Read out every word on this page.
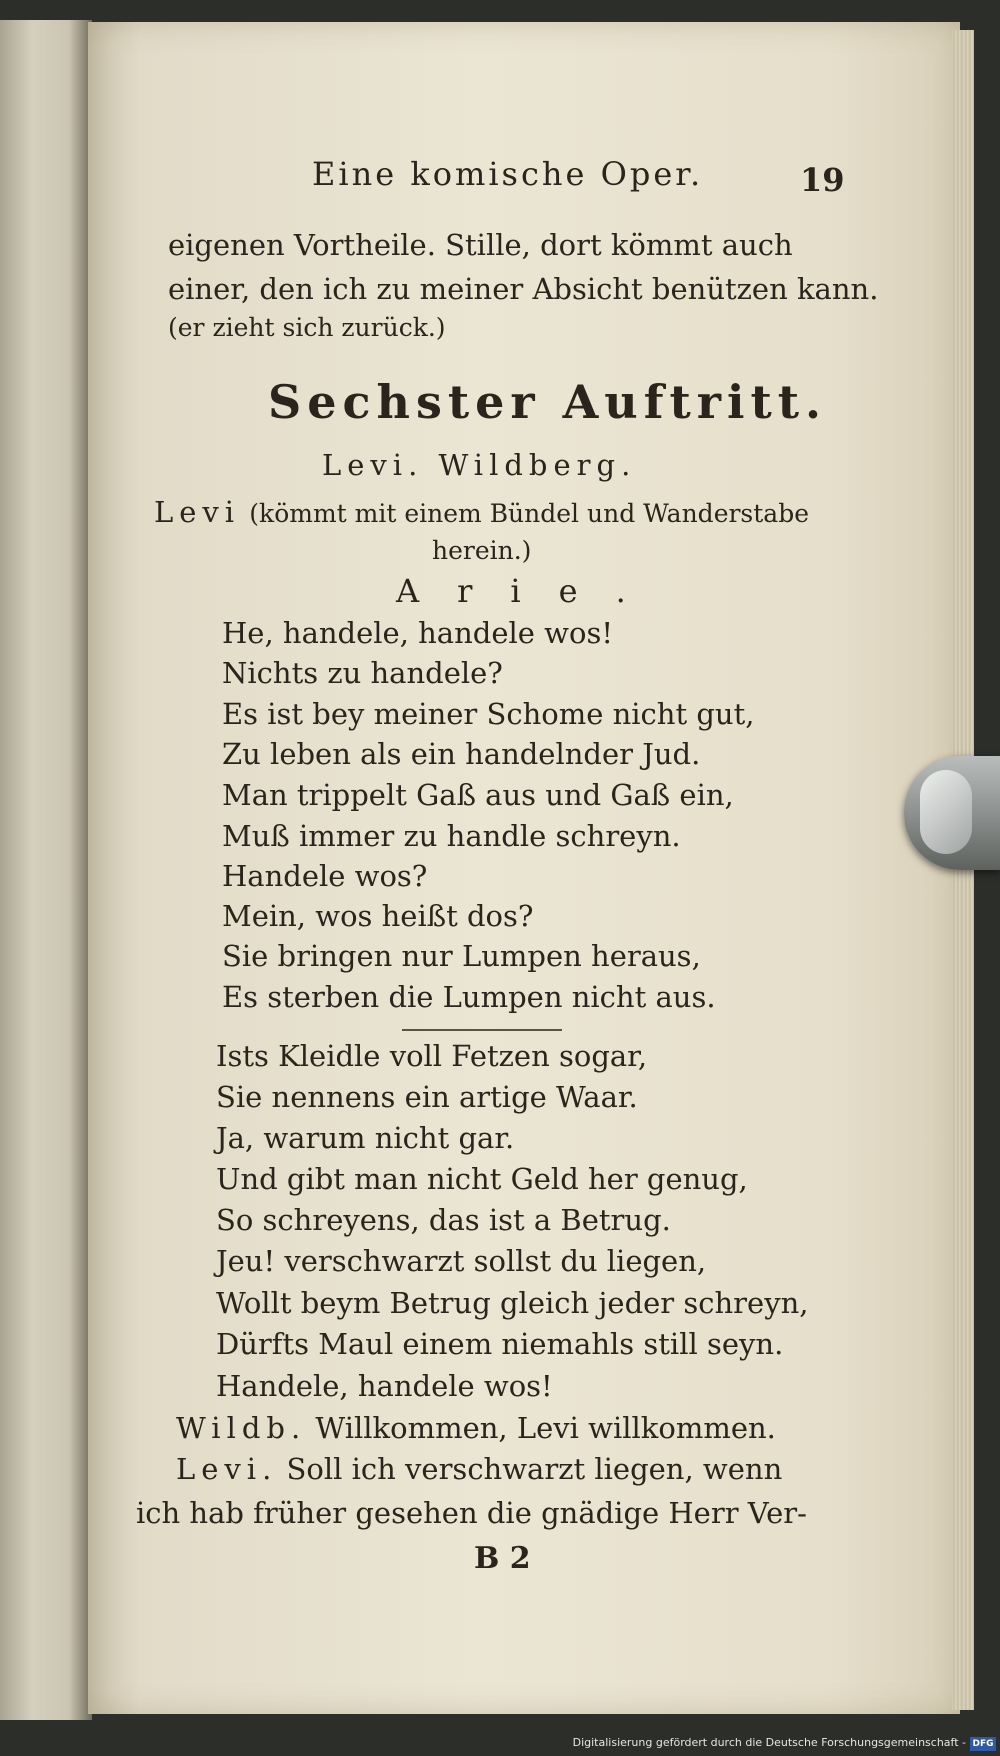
Eine komische Oper.	19
eigenen Vortheile. Stille, dort kömmt auch
einer, den ich zu meiner Absicht benützen kann.
(er zieht sich zurück.)
Sechster Auftritt.
Levi. Wildberg.
Levi (kömmt mit einem Bündel und Wanderstabe
herein.)
Arie.
He, handele, handele wos!
Nichts zu handele?
Es ist bey meiner Schome nicht gut,
Zu leben als ein handelnder Jud.
Man trippelt Gaß aus und Gaß ein,
Muß immer zu handle schreyn.
Handele wos?
Mein, wos heißt dos?
Sie bringen nur Lumpen heraus,
Es sterben die Lumpen nicht aus.
Ists Kleidle voll Fetzen sogar,
Sie nennens ein artige Waar.
Ja, warum nicht gar.
Und gibt man nicht Geld her genug,
So schreyens, das ist a Betrug.
Jeu! verschwarzt sollst du liegen,
Wollt beym Betrug gleich jeder schreyn,
Dürfts Maul einem niemahls still seyn.
Handele, handele wos!
Wildb. Willkommen, Levi willkommen.
Levi. Soll ich verschwarzt liegen, wenn
ich hab früher gesehen die gnädige Herr Ver-
B 2
Digitalisierung gefördert durch die Deutsche Forschungsgemeinschaft - DFG
